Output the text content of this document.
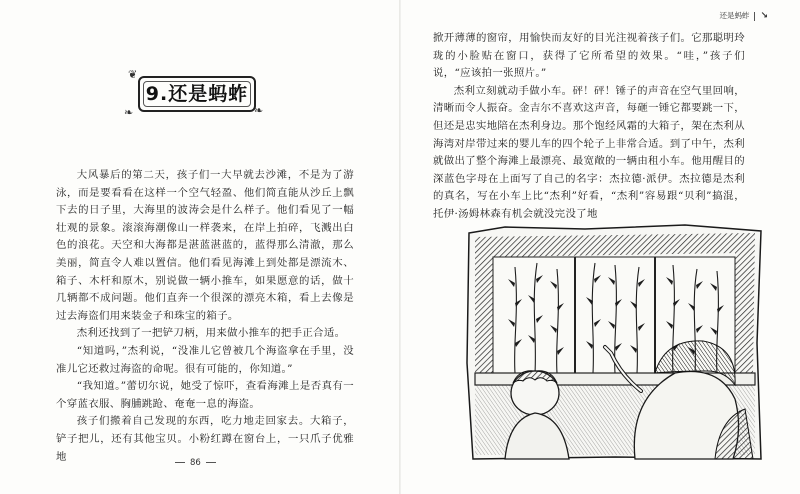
❦
❧
❧
9.还是蚂蚱

大风暴后的第二天，孩子们一大早就去沙滩，不是为了游泳，而是要看看在这样一个空气轻盈、他们简直能从沙丘上飘下去的日子里，大海里的波涛会是什么样子。他们看见了一幅壮观的景象。滚滚海潮像山一样袭来，在岸上拍碎，飞溅出白色的浪花。天空和大海都是湛蓝湛蓝的，蓝得那么清澈，那么美丽，简直令人难以置信。他们看见海滩上到处都是漂流木、箱子、木杆和原木，别说做一辆小推车，如果愿意的话，做十几辆都不成问题。他们直奔一个很深的漂亮木箱，看上去像是过去海盗们用来装金子和珠宝的箱子。

杰利还找到了一把铲刀柄，用来做小推车的把手正合适。

“知道吗，”杰利说，“没准儿它曾被几个海盗拿在手里，没准儿它还救过海盗的命呢。很有可能的，你知道。”

“我知道。”蕾切尔说，她受了惊吓，查看海滩上是否真有一个穿蓝衣服、胸脯跳跄、奄奄一息的海盗。

孩子们搬着自己发现的东西，吃力地走回家去。大箱子，铲子把儿，还有其他宝贝。小粉红蹲在窗台上，一只爪子优雅地

86
还是蚂蚱 ↘

掀开薄薄的窗帘，用愉快而友好的目光注视着孩子们。它那聪明玲珑的小脸贴在窗口，获得了它所希望的效果。“哇，”孩子们说，“应该拍一张照片。”

杰利立刻就动手做小车。砰！砰！锤子的声音在空气里回响，清晰而令人振奋。金吉尔不喜欢这声音，每砸一锤它都要跳一下，但还是忠实地陪在杰利身边。那个饱经风霜的大箱子，架在杰利从海湾对岸带过来的婴儿车的四个轮子上非常合适。到了中午，杰利就做出了整个海滩上最漂亮、最宽敞的一辆由租小车。他用醒目的深蓝色字母在上面写了自己的名字：杰拉德·派伊。杰拉德是杰利的真名，写在小车上比“杰利”好看，“杰利”容易跟“贝利”搞混，托伊·汤姆林森有机会就没完没了地
